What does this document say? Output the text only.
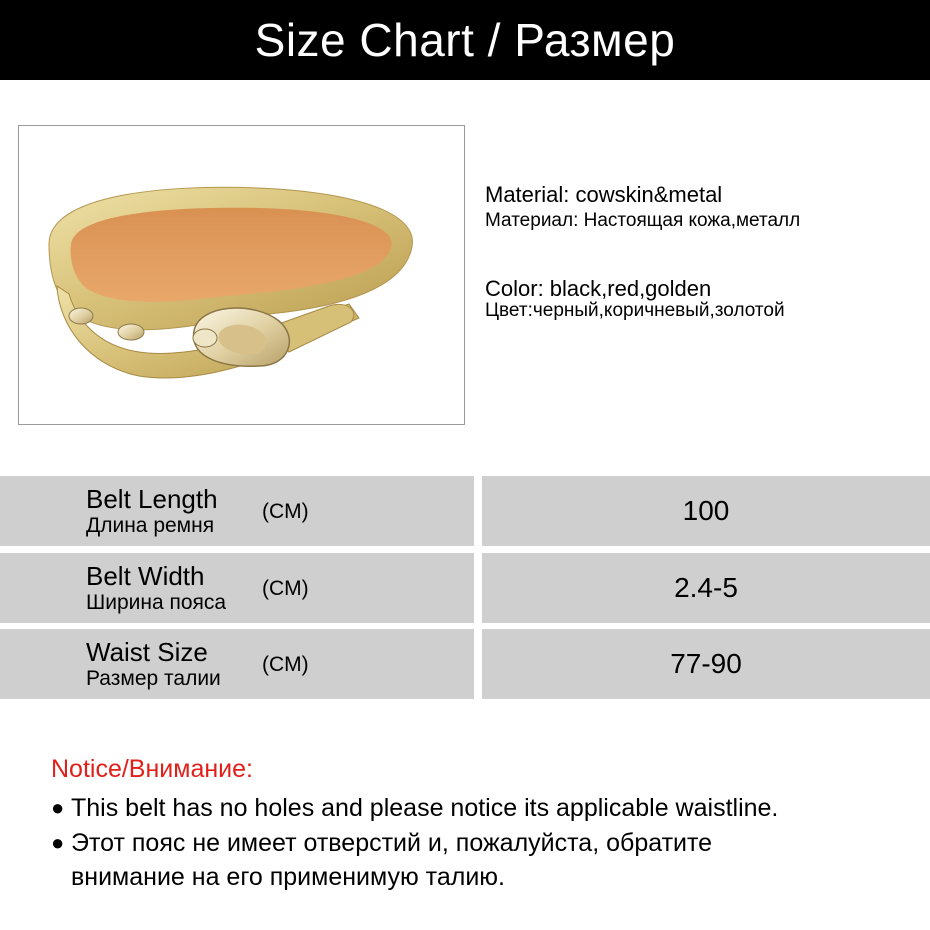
Size Chart / Размер
Material: cowskin&metal
Материал: Настоящая кожа,металл
Color: black,red,golden
Цвет:черный,коричневый,золотой
Belt Length
Длина ремня
(CM)	100
Belt Width
Ширина пояса
(CM)	2.4-5
Waist Size
Размер талии
(CM)	77-90
Notice/Внимание:
● This belt has no holes and please notice its applicable waistline.
● Этот пояс не имеет отверстий и, пожалуйста, обратите
внимание на его применимую талию.
